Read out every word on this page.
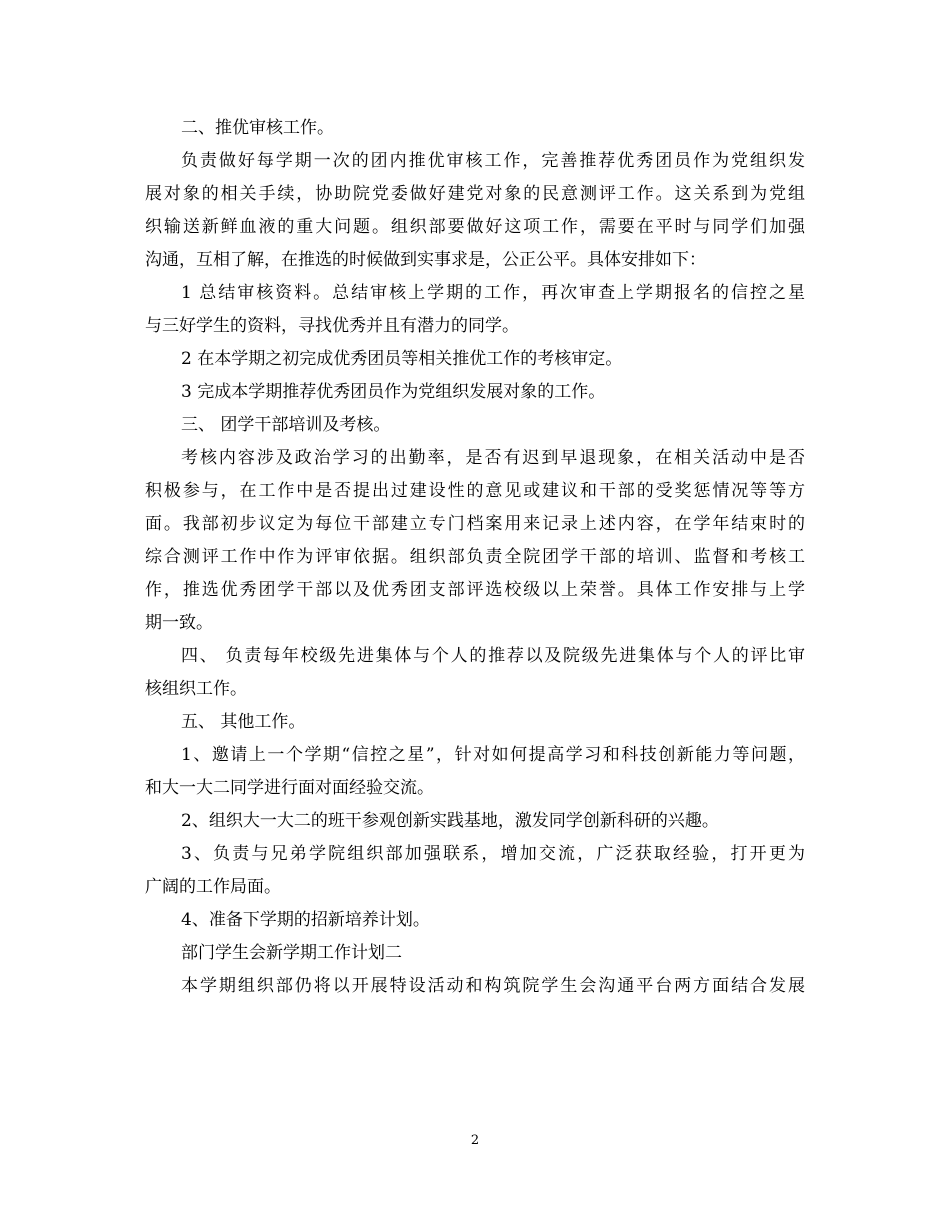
二、推优审核工作。
负责做好每学期一次的团内推优审核工作，完善推荐优秀团员作为党组织发
展对象的相关手续，协助院党委做好建党对象的民意测评工作。这关系到为党组
织输送新鲜血液的重大问题。组织部要做好这项工作，需要在平时与同学们加强
沟通，互相了解，在推选的时候做到实事求是，公正公平。具体安排如下：
1 总结审核资料。总结审核上学期的工作，再次审查上学期报名的信控之星
与三好学生的资料，寻找优秀并且有潜力的同学。
2 在本学期之初完成优秀团员等相关推优工作的考核审定。
3 完成本学期推荐优秀团员作为党组织发展对象的工作。
三、 团学干部培训及考核。
考核内容涉及政治学习的出勤率，是否有迟到早退现象，在相关活动中是否
积极参与，在工作中是否提出过建设性的意见或建议和干部的受奖惩情况等等方
面。我部初步议定为每位干部建立专门档案用来记录上述内容，在学年结束时的
综合测评工作中作为评审依据。组织部负责全院团学干部的培训、监督和考核工
作，推选优秀团学干部以及优秀团支部评选校级以上荣誉。具体工作安排与上学
期一致。
四、 负责每年校级先进集体与个人的推荐以及院级先进集体与个人的评比审
核组织工作。
五、 其他工作。
1、邀请上一个学期“信控之星”，针对如何提高学习和科技创新能力等问题，
和大一大二同学进行面对面经验交流。
2、组织大一大二的班干参观创新实践基地，激发同学创新科研的兴趣。
3、负责与兄弟学院组织部加强联系，增加交流，广泛获取经验，打开更为
广阔的工作局面。
4、准备下学期的招新培养计划。
部门学生会新学期工作计划二
本学期组织部仍将以开展特设活动和构筑院学生会沟通平台两方面结合发展
2
